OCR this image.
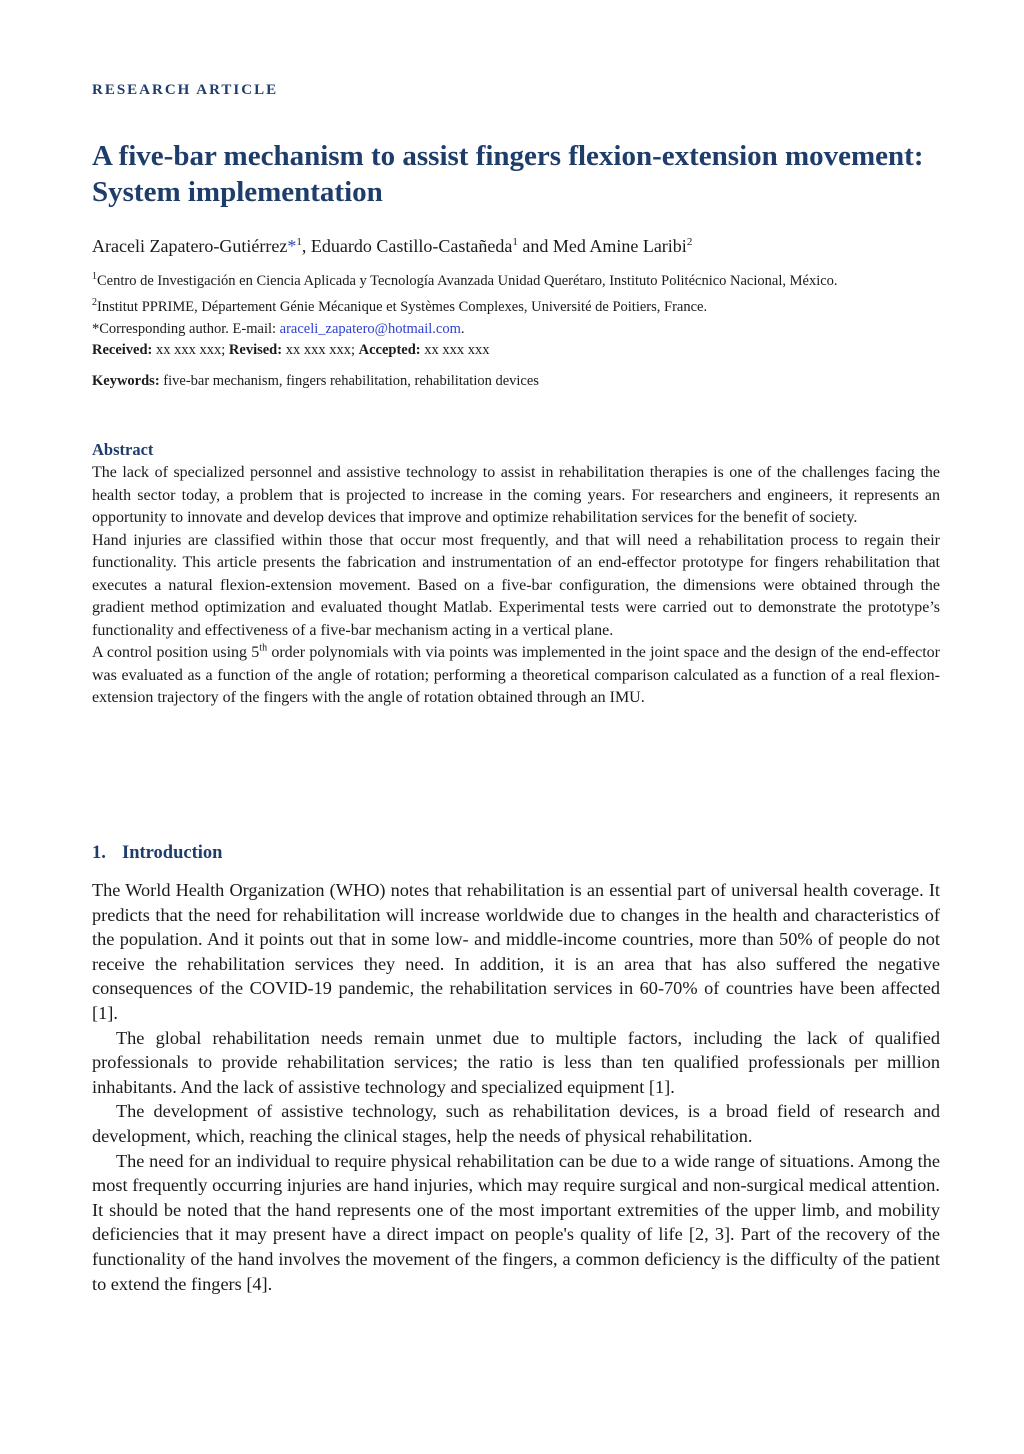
RESEARCH ARTICLE
A five-bar mechanism to assist fingers flexion-extension movement: System implementation
Araceli Zapatero-Gutiérrez*$^1$, Eduardo Castillo-Castañeda$^1$ and Med Amine Laribi$^2$
$^1$Centro de Investigación en Ciencia Aplicada y Tecnología Avanzada Unidad Querétaro, Instituto Politécnico Nacional, México.
$^2$Institut PPRIME, Département Génie Mécanique et Systèmes Complexes, Université de Poitiers, France.
*Corresponding author. E-mail: araceli_zapatero@hotmail.com.
Received: xx xxx xxx; Revised: xx xxx xxx; Accepted: xx xxx xxx
Keywords: five-bar mechanism, fingers rehabilitation, rehabilitation devices
Abstract

The lack of specialized personnel and assistive technology to assist in rehabilitation therapies is one of the challenges facing the health sector today, a problem that is projected to increase in the coming years. For researchers and engineers, it represents an opportunity to innovate and develop devices that improve and optimize rehabilitation services for the benefit of society.

Hand injuries are classified within those that occur most frequently, and that will need a rehabilitation process to regain their functionality. This article presents the fabrication and instrumentation of an end-effector prototype for fingers rehabilitation that executes a natural flexion-extension movement. Based on a five-bar configuration, the dimensions were obtained through the gradient method optimization and evaluated thought Matlab. Experimental tests were carried out to demonstrate the prototype’s functionality and effectiveness of a five-bar mechanism acting in a vertical plane.

A control position using 5th order polynomials with via points was implemented in the joint space and the design of the end-effector was evaluated as a function of the angle of rotation; performing a theoretical comparison calculated as a function of a real flexion-extension trajectory of the fingers with the angle of rotation obtained through an IMU.

1. Introduction

The World Health Organization (WHO) notes that rehabilitation is an essential part of universal health coverage. It predicts that the need for rehabilitation will increase worldwide due to changes in the health and characteristics of the population. And it points out that in some low- and middle-income countries, more than 50% of people do not receive the rehabilitation services they need. In addition, it is an area that has also suffered the negative consequences of the COVID-19 pandemic, the rehabilitation services in 60-70% of countries have been affected [1].

The global rehabilitation needs remain unmet due to multiple factors, including the lack of qualified professionals to provide rehabilitation services; the ratio is less than ten qualified professionals per million inhabitants. And the lack of assistive technology and specialized equipment [1].

The development of assistive technology, such as rehabilitation devices, is a broad field of research and development, which, reaching the clinical stages, help the needs of physical rehabilitation.

The need for an individual to require physical rehabilitation can be due to a wide range of situations. Among the most frequently occurring injuries are hand injuries, which may require surgical and non-surgical medical attention. It should be noted that the hand represents one of the most important extremities of the upper limb, and mobility deficiencies that it may present have a direct impact on people's quality of life [2, 3]. Part of the recovery of the functionality of the hand involves the movement of the fingers, a common deficiency is the difficulty of the patient to extend the fingers [4].
